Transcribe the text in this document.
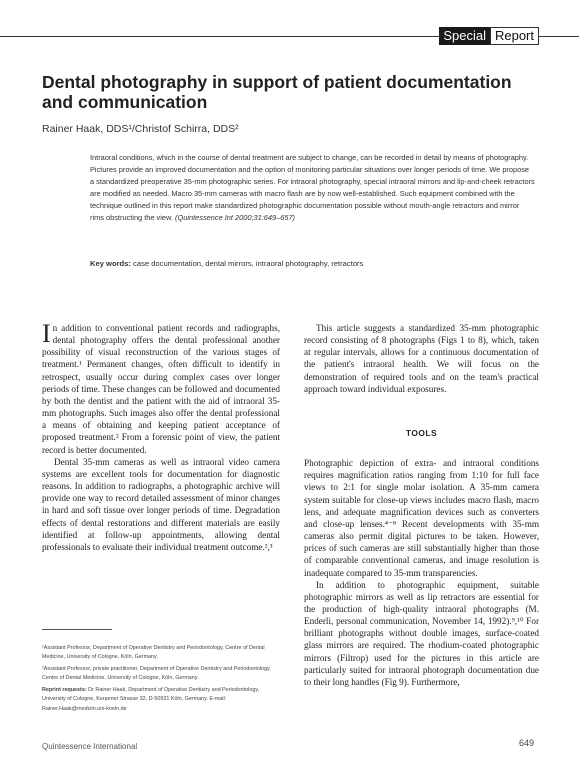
Special Report
Dental photography in support of patient documentation and communication
Rainer Haak, DDS¹/Christof Schirra, DDS²
Intraoral conditions, which in the course of dental treatment are subject to change, can be recorded in detail by means of photography. Pictures provide an improved documentation and the option of monitoring particular situations over longer periods of time. We propose a standardized preoperative 35-mm photographic series. For intraoral photography, special intraoral mirrors and lip-and-cheek retractors are modified as needed. Macro 35-mm cameras with macro flash are by now well-established. Such equipment combined with the technique outlined in this report make standardized photographic documentation possible without mouth-angle retractors and mirror rims obstructing the view. (Quintessence Int 2000;31:649–657)
Key words: case documentation, dental mirrors, intraoral photography, retractors

In addition to conventional patient records and radiographs, dental photography offers the dental professional another possibility of visual reconstruction of the various stages of treatment.¹ Permanent changes, often difficult to identify in retrospect, usually occur during complex cases over longer periods of time. These changes can be followed and documented by both the dentist and the patient with the aid of intraoral 35-mm photographs. Such images also offer the dental professional a means of obtaining and keeping patient acceptance of proposed treatment.² From a forensic point of view, the patient record is better documented.

Dental 35-mm cameras as well as intraoral video camera systems are excellent tools for documentation for diagnostic reasons. In addition to radiographs, a photographic archive will provide one way to record detailed assessment of minor changes in hard and soft tissue over longer periods of time. Degradation effects of dental restorations and different materials are easily identified at follow-up appointments, allowing dental professionals to evaluate their individual treatment outcome.²,³

¹Assistant Professor, Department of Operative Dentistry and Periodontology, Centre of Dental Medicine, University of Cologne, Köln, Germany.

²Assistant Professor, private practitioner, Department of Operative Dentistry and Periodontology, Centre of Dental Medicine, University of Cologne, Köln, Germany.

Reprint requests: Dr Rainer Haak, Department of Operative Dentistry and Periodontology, University of Cologne, Kerpener Strasse 32, D-50931 Köln, Germany. E-mail: Rainer.Haak@medizin.uni-koeln.de

This article suggests a standardized 35-mm photographic record consisting of 8 photographs (Figs 1 to 8), which, taken at regular intervals, allows for a continuous documentation of the patient's intraoral health. We will focus on the demonstration of required tools and on the team's practical approach toward individual exposures.

TOOLS

Photographic depiction of extra- and intraoral conditions requires magnification ratios ranging from 1:10 for full face views to 2:1 for single molar isolation. A 35-mm camera system suitable for close-up views includes macro flash, macro lens, and adequate magnification devices such as converters and close-up lenses.⁴⁻⁸ Recent developments with 35-mm cameras also permit digital pictures to be taken. However, prices of such cameras are still substantially higher than those of comparable conventional cameras, and image resolution is inadequate compared to 35-mm transparencies.

In addition to photographic equipment, suitable photographic mirrors as well as lip retractors are essential for the production of high-quality intraoral photographs (M. Enderli, personal communication, November 14, 1992).⁹,¹⁰ For brilliant photographs without double images, surface-coated glass mirrors are required. The rhodium-coated photographic mirrors (Filtrop) used for the pictures in this article are particularly suited for intraoral photograph documentation due to their long handles (Fig 9). Furthermore,

Quintessence International	649
